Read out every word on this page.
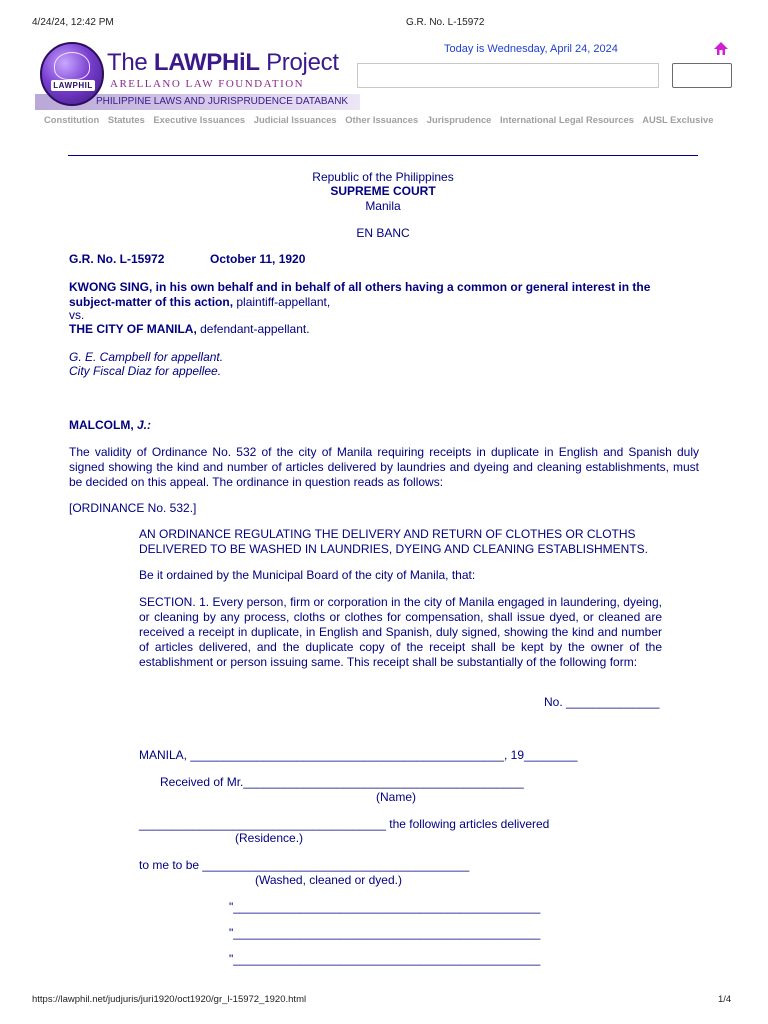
4/24/24, 12:42 PM	G.R. No. L-15972
PHILIPPINE LAWS AND JURISPRUDENCE DATABANK
LAWPHIL
The LAWPHiL Project
ARELLANO LAW FOUNDATION
Today is Wednesday, April 24, 2024
Constitution Statutes Executive Issuances Judicial Issuances Other Issuances Jurisprudence International Legal Resources AUSL Exclusive
Republic of the Philippines
SUPREME COURT
Manila
EN BANC
G.R. No. L-15972	October 11, 1920
KWONG SING, in his own behalf and in behalf of all others having a common or general interest in the subject-matter of this action, plaintiff-appellant,
vs.
THE CITY OF MANILA, defendant-appellant.
G. E. Campbell for appellant.
City Fiscal Diaz for appellee.
MALCOLM, J.:
The validity of Ordinance No. 532 of the city of Manila requiring receipts in duplicate in English and Spanish duly signed showing the kind and number of articles delivered by laundries and dyeing and cleaning establishments, must be decided on this appeal. The ordinance in question reads as follows:
[ORDINANCE No. 532.]
AN ORDINANCE REGULATING THE DELIVERY AND RETURN OF CLOTHES OR CLOTHS DELIVERED TO BE WASHED IN LAUNDRIES, DYEING AND CLEANING ESTABLISHMENTS.
Be it ordained by the Municipal Board of the city of Manila, that:
SECTION. 1. Every person, firm or corporation in the city of Manila engaged in laundering, dyeing, or cleaning by any process, cloths or clothes for compensation, shall issue dyed, or cleaned are received a receipt in duplicate, in English and Spanish, duly signed, showing the kind and number of articles delivered, and the duplicate copy of the receipt shall be kept by the owner of the establishment or person issuing same. This receipt shall be substantially of the following form:
No. ______________
MANILA, _______________________________________________, 19________
Received of Mr.__________________________________________
(Name)
_____________________________________ the following articles delivered
(Residence.)
to me to be ________________________________________
(Washed, cleaned or dyed.)
"______________________________________________
"______________________________________________
"______________________________________________
https://lawphil.net/judjuris/juri1920/oct1920/gr_l-15972_1920.html	1/4
